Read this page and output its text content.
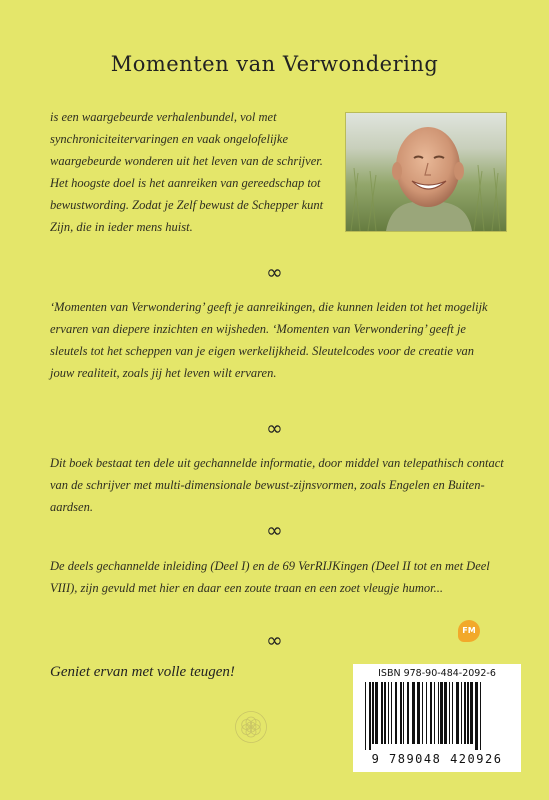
Momenten van Verwondering

is een waargebeurde verhalenbundel, vol met synchroniciteitervaringen en vaak ongelofelijke waargebeurde wonderen uit het leven van de schrijver. Het hoogste doel is het aanreiken van gereedschap tot bewustwording. Zodat je Zelf bewust de Schepper kunt Zijn, die in ieder mens huist.

∞

‘Momenten van Verwondering’ geeft je aanreikingen, die kunnen leiden tot het mogelijk ervaren van diepere inzichten en wijsheden. ‘Momenten van Verwondering’ geeft je sleutels tot het scheppen van je eigen werkelijkheid. Sleutelcodes voor de creatie van jouw realiteit, zoals jij het leven wilt ervaren.

∞

Dit boek bestaat ten dele uit gechannelde informatie, door middel van telepathisch contact van de schrijver met multi-dimensionale bewust-zijnsvormen, zoals Engelen en Buiten-aardsen.

∞

De deels gechannelde inleiding (Deel I) en de 69 VerRIJKingen (Deel II tot en met Deel VIII), zijn gevuld met hier en daar een zoute traan en een zoet vleugje humor...

∞	FM
Geniet ervan met volle teugen!	ISBN 978-90-484-2092-6
9 789048 420926
